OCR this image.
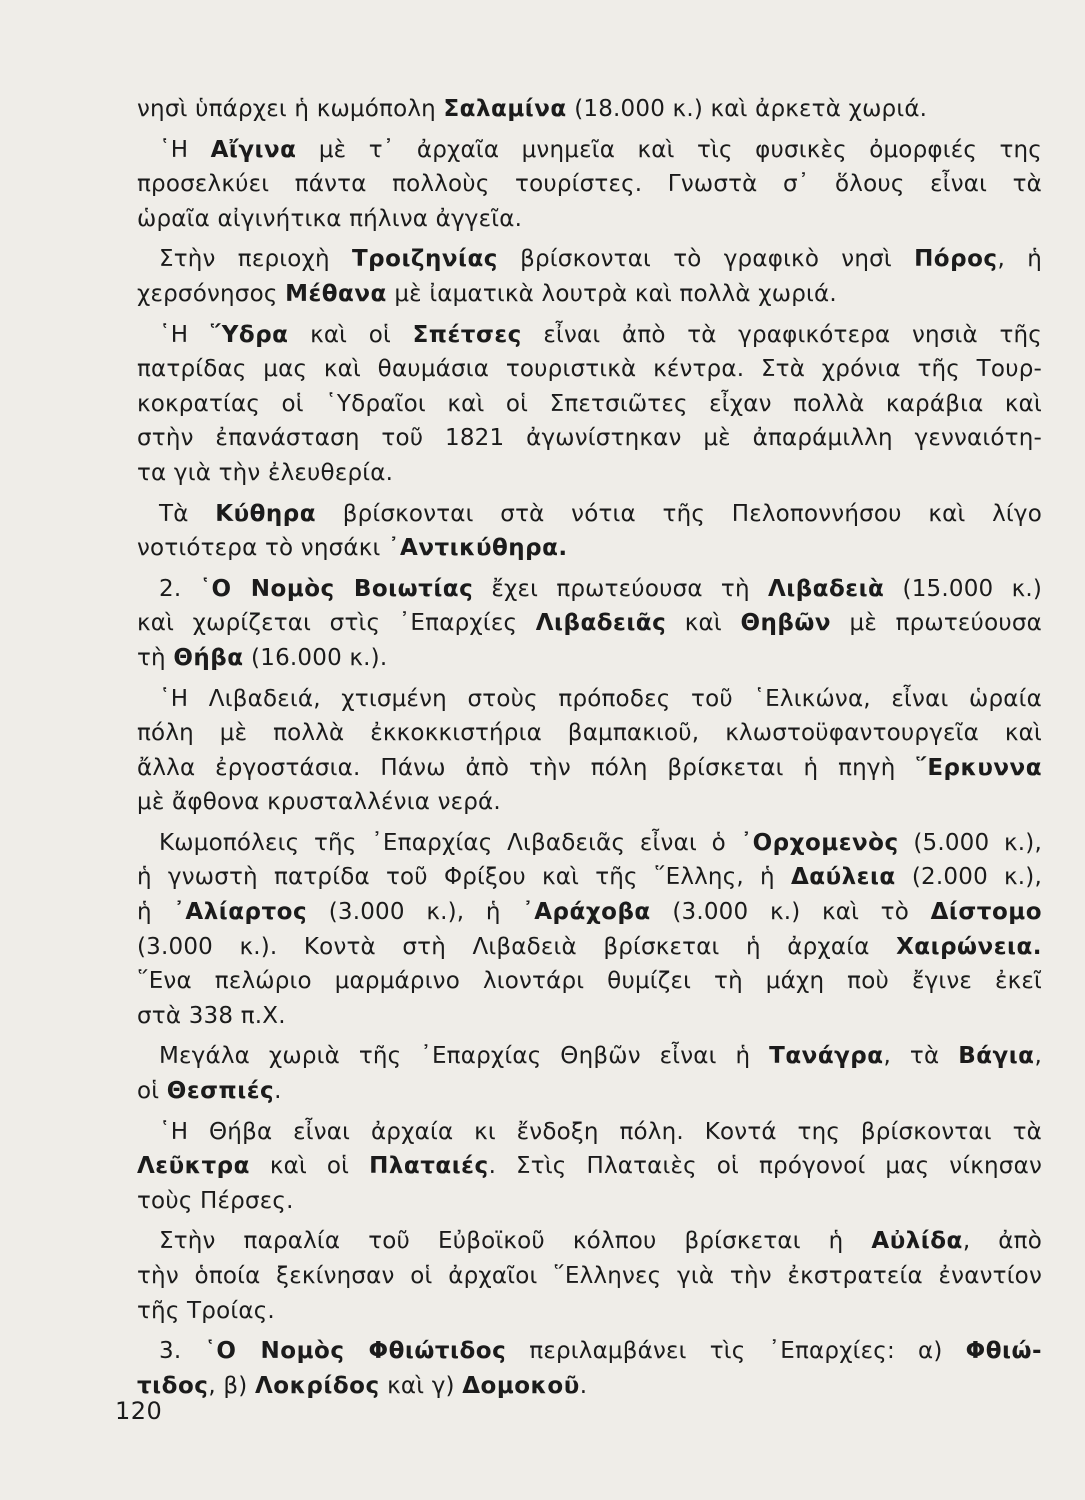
νησὶ ὑπάρχει ἡ κωμόπολη Σαλαμίνα (18.000 κ.) καὶ ἀρκετὰ χωριά.
῾Η Αἴγινα μὲ τ᾽ ἀρχαῖα μνημεῖα καὶ τὶς φυσικὲς ὀμορφιές της
προσελκύει πάντα πολλοὺς τουρίστες. Γνωστὰ σ᾽ ὅλους εἶναι τὰ
ὡραῖα αἰγινήτικα πήλινα ἀγγεῖα.
Στὴν περιοχὴ Τροιζηνίας βρίσκονται τὸ γραφικὸ νησὶ Πόρος, ἡ
χερσόνησος Μέθανα μὲ ἰαματικὰ λουτρὰ καὶ πολλὰ χωριά.
῾Η ῞Υδρα καὶ οἱ Σπέτσες εἶναι ἀπὸ τὰ γραφικότερα νησιὰ τῆς
πατρίδας μας καὶ θαυμάσια τουριστικὰ κέντρα. Στὰ χρόνια τῆς Τουρ-
κοκρατίας οἱ ῾Υδραῖοι καὶ οἱ Σπετσιῶτες εἶχαν πολλὰ καράβια καὶ
στὴν ἐπανάσταση τοῦ 1821 ἀγωνίστηκαν μὲ ἀπαράμιλλη γενναιότη-
τα γιὰ τὴν ἐλευθερία.
Τὰ Κύθηρα βρίσκονται στὰ νότια τῆς Πελοποννήσου καὶ λίγο
νοτιότερα τὸ νησάκι ᾽Αντικύθηρα.
2. ῾Ο Νομὸς Βοιωτίας ἔχει πρωτεύουσα τὴ Λιβαδειὰ (15.000 κ.)
καὶ χωρίζεται στὶς ᾽Επαρχίες Λιβαδειᾶς καὶ Θηβῶν μὲ πρωτεύουσα
τὴ Θήβα (16.000 κ.).
῾Η Λιβαδειά, χτισμένη στοὺς πρόποδες τοῦ ῾Ελικώνα, εἶναι ὡραία
πόλη μὲ πολλὰ ἐκκοκκιστήρια βαμπακιοῦ, κλωστοϋφαντουργεῖα καὶ
ἄλλα ἐργοστάσια. Πάνω ἀπὸ τὴν πόλη βρίσκεται ἡ πηγὴ ῞Ερκυννα
μὲ ἄφθονα κρυσταλλένια νερά.
Κωμοπόλεις τῆς ᾽Επαρχίας Λιβαδειᾶς εἶναι ὁ ᾽Ορχομενὸς (5.000 κ.),
ἡ γνωστὴ πατρίδα τοῦ Φρίξου καὶ τῆς ῞Ελλης, ἡ Δαύλεια (2.000 κ.),
ἡ ᾽Αλίαρτος (3.000 κ.), ἡ ᾽Αράχοβα (3.000 κ.) καὶ τὸ Δίστομο
(3.000 κ.). Κοντὰ στὴ Λιβαδειὰ βρίσκεται ἡ ἀρχαία Χαιρώνεια.
῞Ενα πελώριο μαρμάρινο λιοντάρι θυμίζει τὴ μάχη ποὺ ἔγινε ἐκεῖ
στὰ 338 π.Χ.
Μεγάλα χωριὰ τῆς ᾽Επαρχίας Θηβῶν εἶναι ἡ Τανάγρα, τὰ Βάγια,
οἱ Θεσπιές.
῾Η Θήβα εἶναι ἀρχαία κι ἔνδοξη πόλη. Κοντά της βρίσκονται τὰ
Λεῦκτρα καὶ οἱ Πλαταιές. Στὶς Πλαταιὲς οἱ πρόγονοί μας νίκησαν
τοὺς Πέρσες.
Στὴν παραλία τοῦ Εὐβοϊκοῦ κόλπου βρίσκεται ἡ Αὐλίδα, ἀπὸ
τὴν ὁποία ξεκίνησαν οἱ ἀρχαῖοι ῞Ελληνες γιὰ τὴν ἐκστρατεία ἐναντίον
τῆς Τροίας.
3. ῾Ο Νομὸς Φθιώτιδος περιλαμβάνει τὶς ᾽Επαρχίες: α) Φθιώ-
τιδος, β) Λοκρίδος καὶ γ) Δομοκοῦ.
120
